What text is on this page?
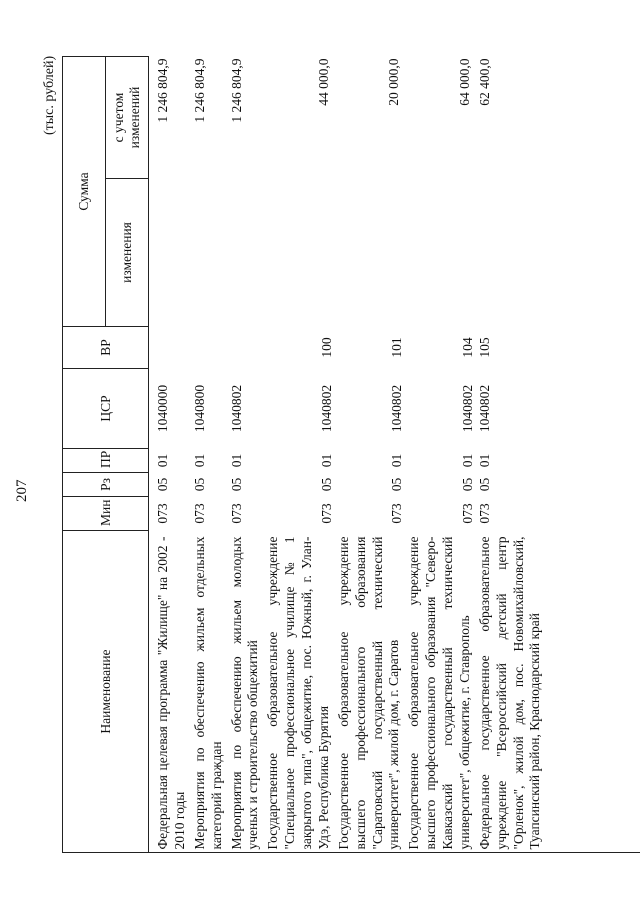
207
(тыс. рублей)
Наименование	Мин	Рз	ПР	ЦСР	ВР	Сумма	
						изменения	с учетом изменений
Федеральная целевая программа "Жилище" на 2002 - 2010 годы	073	05	01	1040000			1 246 804,9
Мероприятия по обеспечению жильем отдельных категорий граждан	073	05	01	1040800			1 246 804,9
Мероприятия по обеспечению жильем молодых ученых и строительство общежитий	073	05	01	1040802			1 246 804,9
Государственное образовательное учреждение "Специальное профессиональное училище № 1 закрытого типа", общежитие, пос. Южный, г. Улан-Удэ, Республика Бурятия	073	05	01	1040802	100		44 000,0
Государственное образовательное учреждение высшего профессионального образования "Саратовский государственный технический университет", жилой дом, г. Саратов	073	05	01	1040802	101		20 000,0
Государственное образовательное учреждение высшего профессионального образования "Северо-Кавказский государственный технический университет", общежитие, г. Ставрополь	073	05	01	1040802	104		64 000,0
Федеральное государственное образовательное учреждение "Всероссийский детский центр "Орленок", жилой дом, пос. Новомихайловский, Туапсинский район, Краснодарский край	073	05	01	1040802	105		62 400,0
